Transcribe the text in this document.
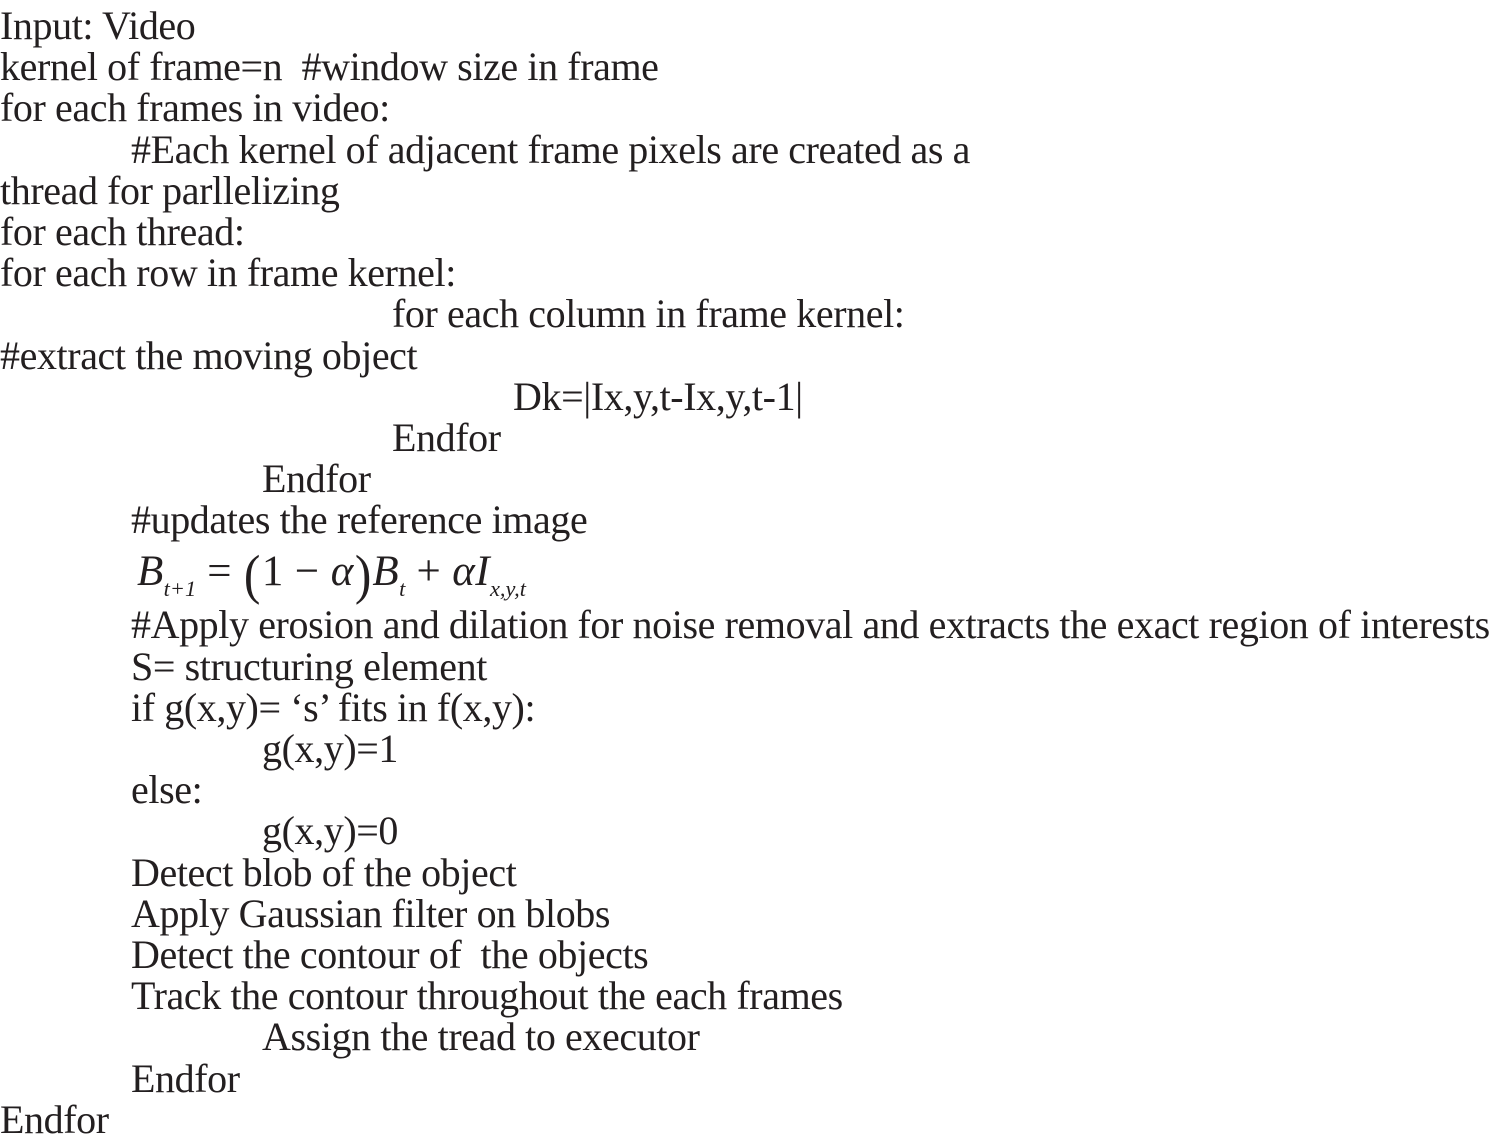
Input: Video
kernel of frame=n  #window size in frame
for each frames in video:
#Each kernel of adjacent frame pixels are created as a
thread for parllelizing
for each thread:
for each row in frame kernel:
for each column in frame kernel:
#extract the moving object
Dk=|Ix,y,t-Ix,y,t-1|
Endfor
Endfor
#updates the reference image
$B_{t+1} = (1 - \alpha)B_t + \alpha I_{x,y,t}$
#Apply erosion and dilation for noise removal and extracts the exact region of interests
S= structuring element
if g(x,y)= ‘s’ fits in f(x,y):
g(x,y)=1
else:
g(x,y)=0
Detect blob of the object
Apply Gaussian filter on blobs
Detect the contour of  the objects
Track the contour throughout the each frames
Assign the tread to executor
Endfor
Endfor
